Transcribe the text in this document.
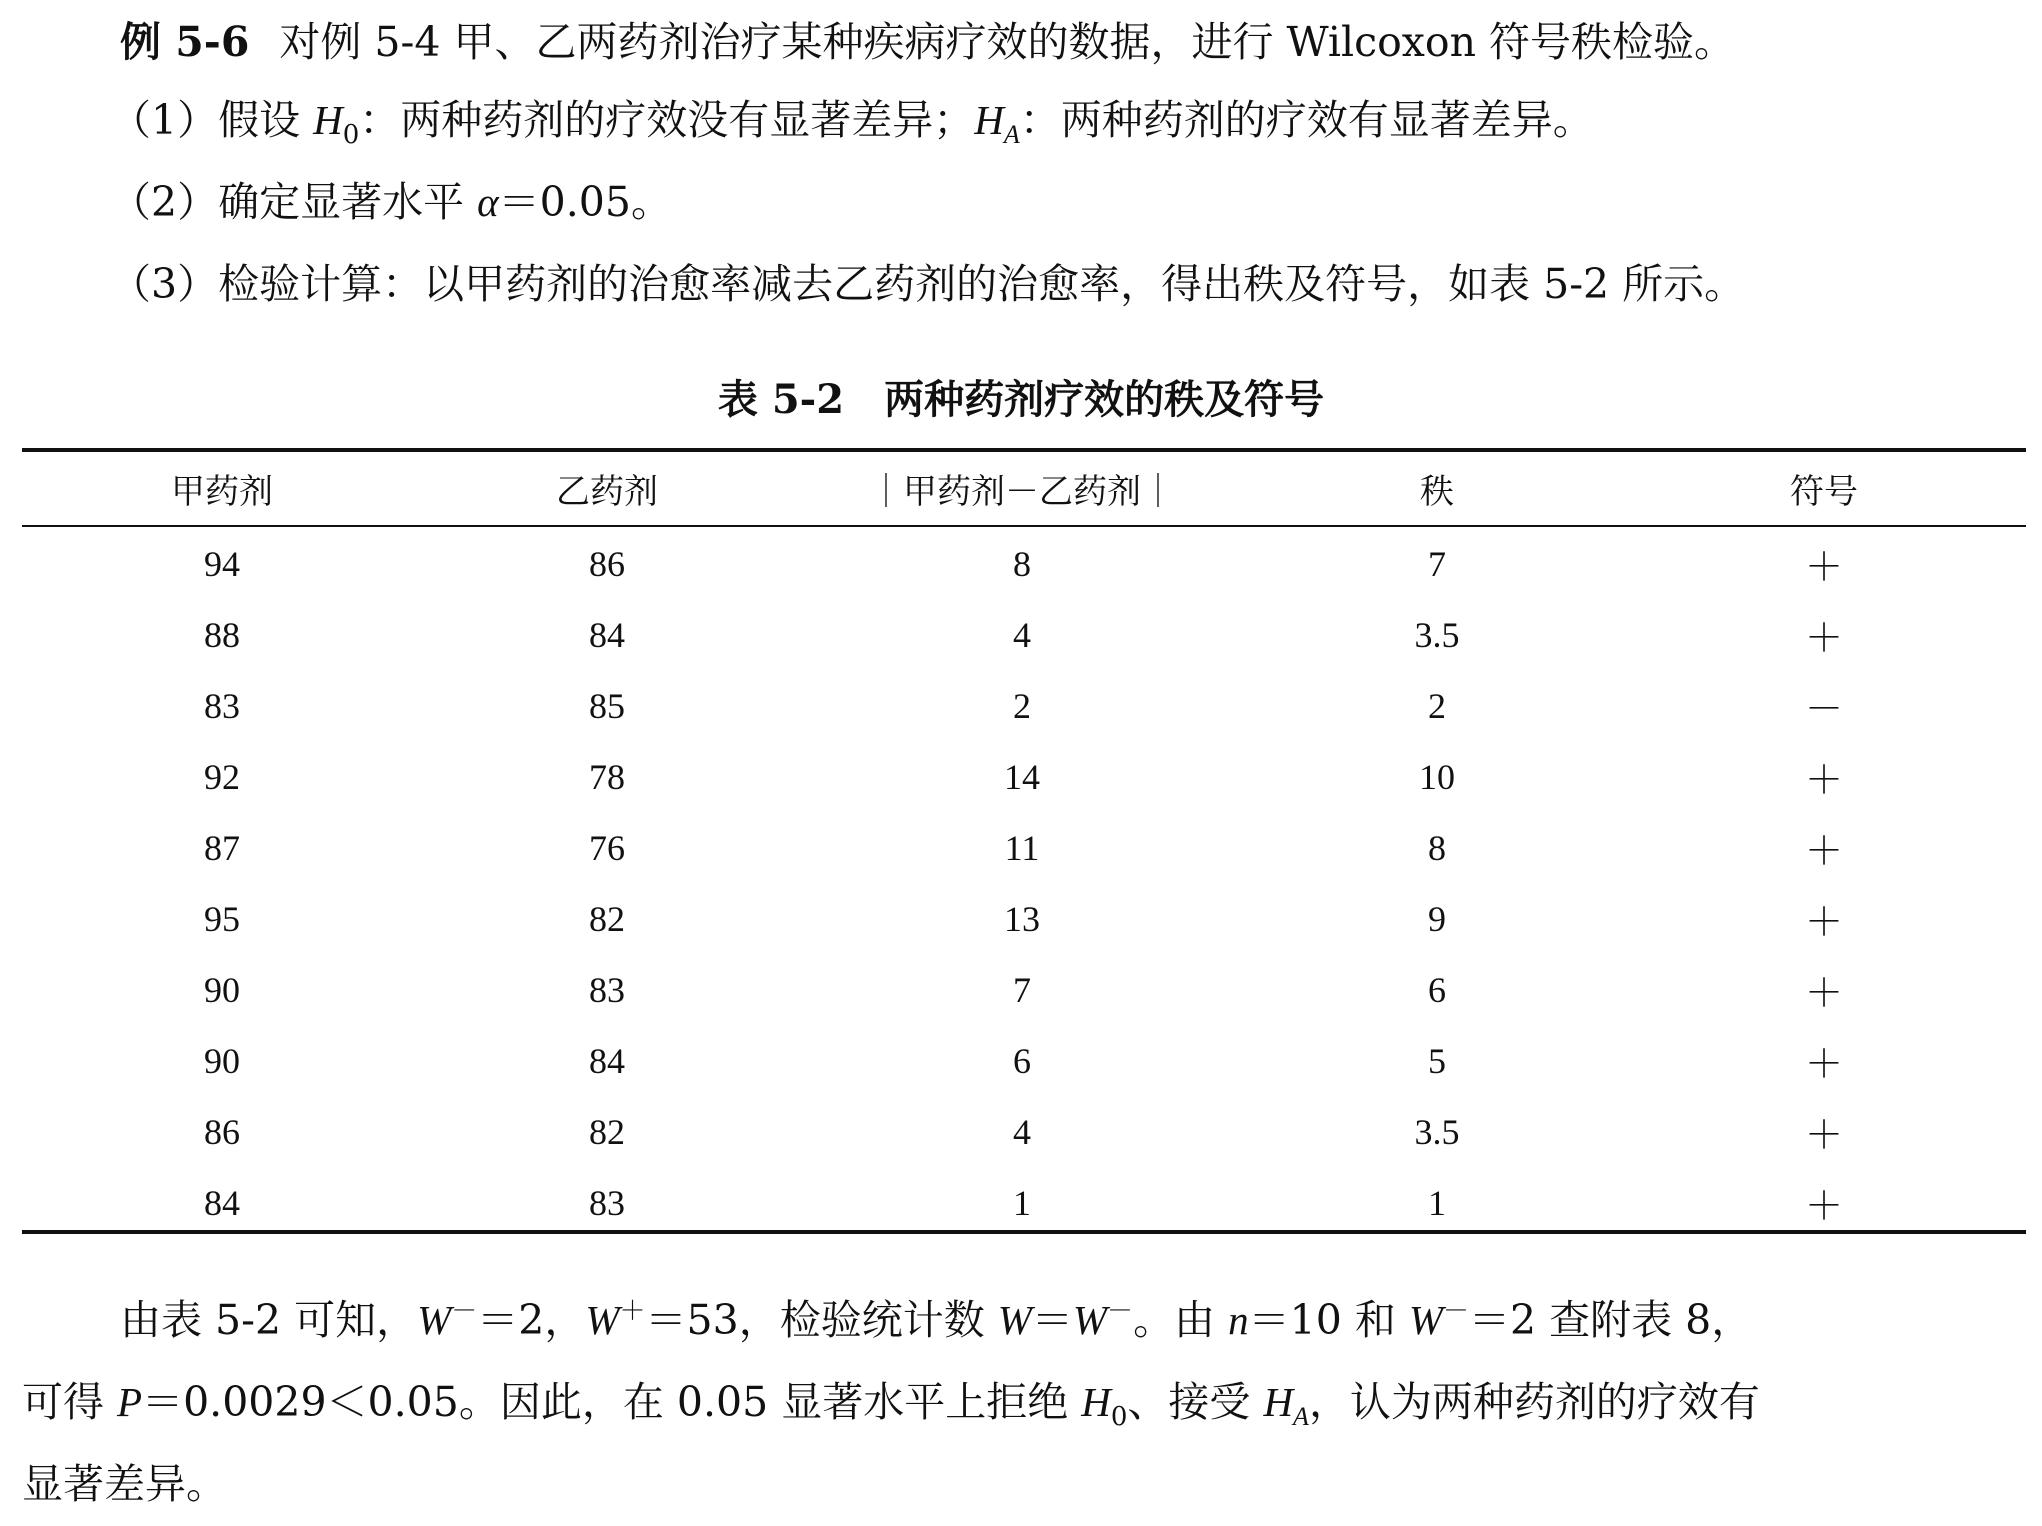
例 5-6 对例 5-4 甲、乙两药剂治疗某种疾病疗效的数据，进行 Wilcoxon 符号秩检验。
（1）假设 $H_0$：两种药剂的疗效没有显著差异；$H_A$：两种药剂的疗效有显著差异。
（2）确定显著水平 α＝0.05。
（3）检验计算：以甲药剂的治愈率减去乙药剂的治愈率，得出秩及符号，如表 5-2 所示。
表 5-2　两种药剂疗效的秩及符号
甲药剂	乙药剂	｜甲药剂－乙药剂｜	秩	符号
94	86	8	7	＋
88	84	4	3.5	＋
83	85	2	2	－
92	78	14	10	＋
87	76	11	8	＋
95	82	13	9	＋
90	83	7	6	＋
90	84	6	5	＋
86	82	4	3.5	＋
84	83	1	1	＋
由表 5-2 可知，W－＝2，W＋＝53，检验统计数 W＝W－。由 n＝10 和 W－＝2 查附表 8，
可得 P＝0.0029＜0.05。因此，在 0.05 显著水平上拒绝 $H_0$、接受 $H_A$，认为两种药剂的疗效有
显著差异。
